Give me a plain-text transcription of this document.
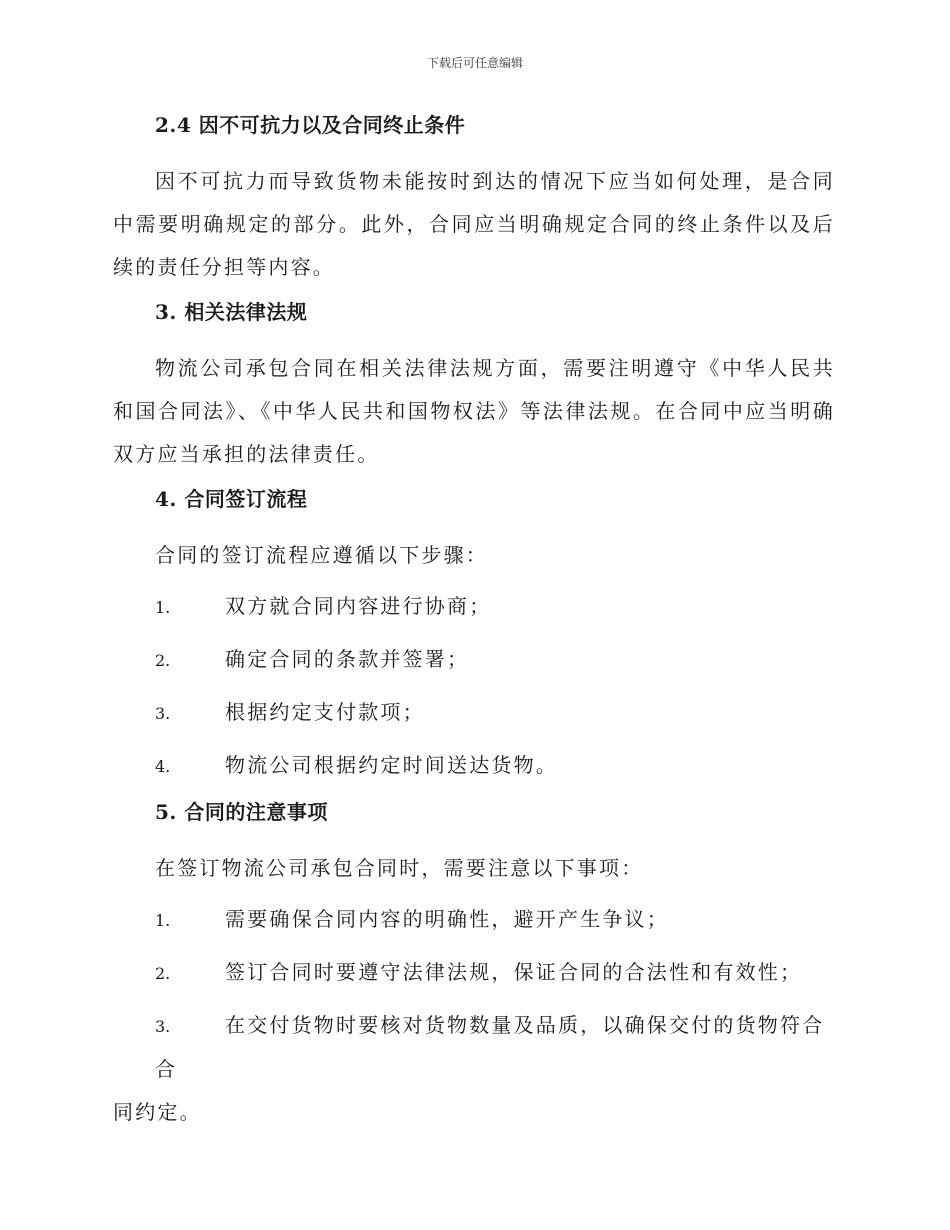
下载后可任意编辑
2.4 因不可抗力以及合同终止条件

因不可抗力而导致货物未能按时到达的情况下应当如何处理，是合同中需要明确规定的部分。此外，合同应当明确规定合同的终止条件以及后续的责任分担等内容。

3. 相关法律法规

物流公司承包合同在相关法律法规方面，需要注明遵守《中华人民共和国合同法》、《中华人民共和国物权法》等法律法规。在合同中应当明确双方应当承担的法律责任。

4. 合同签订流程

合同的签订流程应遵循以下步骤：

1.	双方就合同内容进行协商；
2.	确定合同的条款并签署；
3.	根据约定支付款项；
4.	物流公司根据约定时间送达货物。
5. 合同的注意事项

在签订物流公司承包合同时，需要注意以下事项：

1.	需要确保合同内容的明确性，避开产生争议；
2.	签订合同时要遵守法律法规，保证合同的合法性和有效性；
3.	在交付货物时要核对货物数量及品质，以确保交付的货物符合合
同约定。
